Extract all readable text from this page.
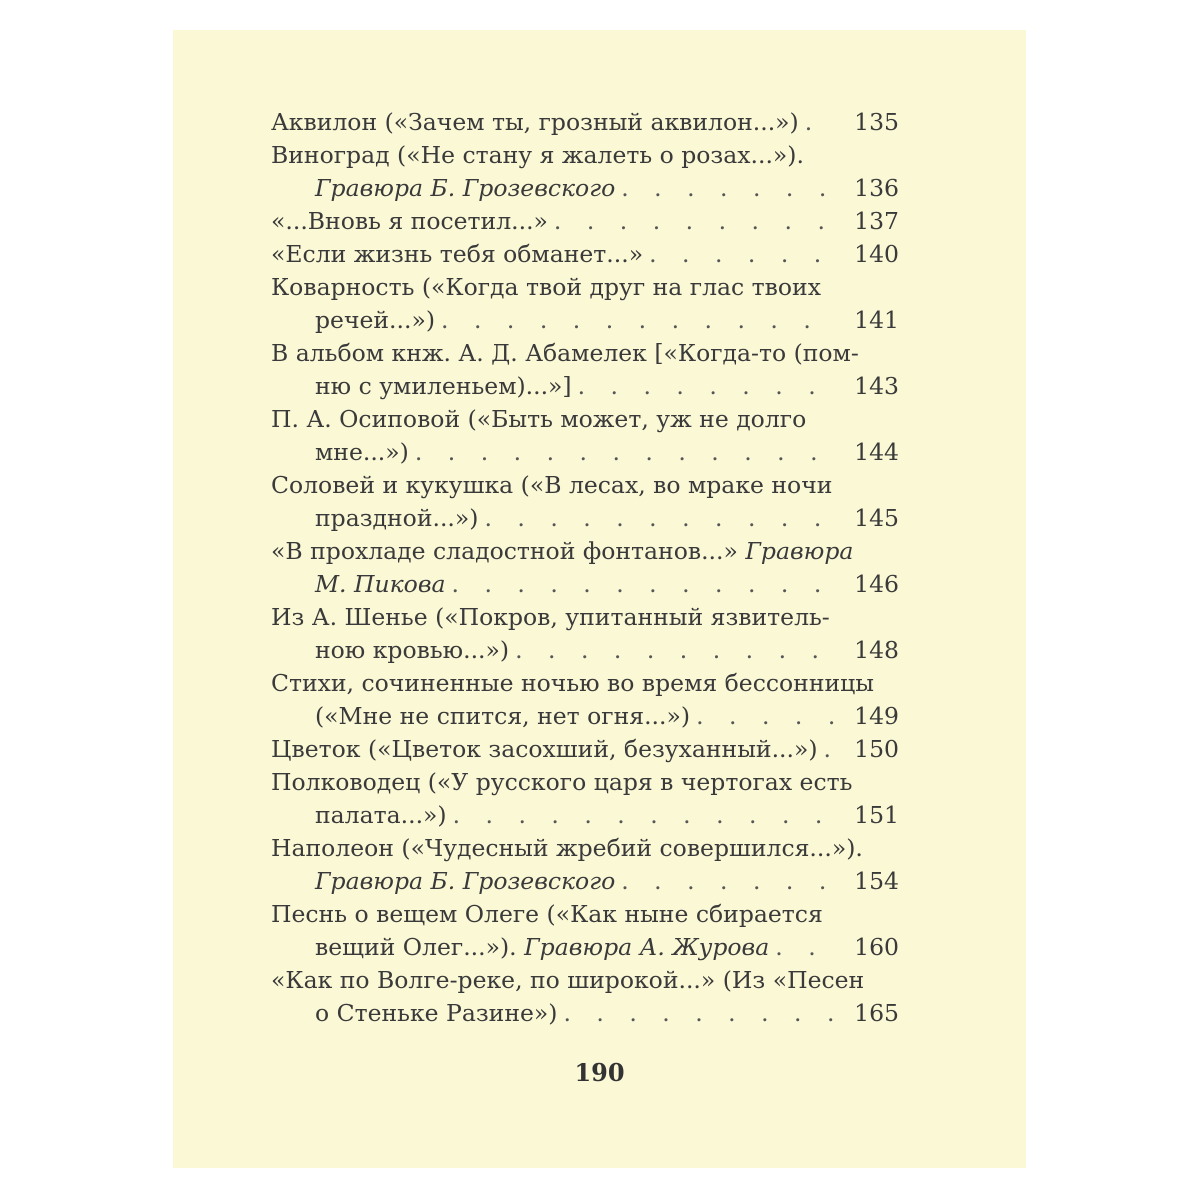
Аквилон («Зачем ты, грозный аквилон...») . . .	135
Виноград («Не стану я жалеть о розах...»).
Гравюра Б. Грозевского . . .	136
«...Вновь я посетил...» . . .	137
«Если жизнь тебя обманет...» . . .	140
Коварность («Когда твой друг на глас твоих
речей...») . . .	141
В альбом кнж. А. Д. Абамелек [«Когда-то (пом-
ню с умиленьем)...»] . . .	143
П. А. Осиповой («Быть может, уж не долго
мне...») . . .	144
Соловей и кукушка («В лесах, во мраке ночи
праздной...») . . .	145
«В прохладе сладостной фонтанов...» Гравюра
М. Пикова . . .	146
Из А. Шенье («Покров, упитанный язвитель-
ною кровью...») . . .	148
Стихи, сочиненные ночью во время бессонницы
(«Мне не спится, нет огня...») . . .	149
Цветок («Цветок засохший, безуханный...») . . .	150
Полководец («У русского царя в чертогах есть
палата...») . . .	151
Наполеон («Чудесный жребий совершился...»).
Гравюра Б. Грозевского . . .	154
Песнь о вещем Олеге («Как ныне сбирается
вещий Олег...»). Гравюра А. Журова . . .	160
«Как по Волге-реке, по широкой...» (Из «Песен
о Стеньке Разине») . . .	165
190
